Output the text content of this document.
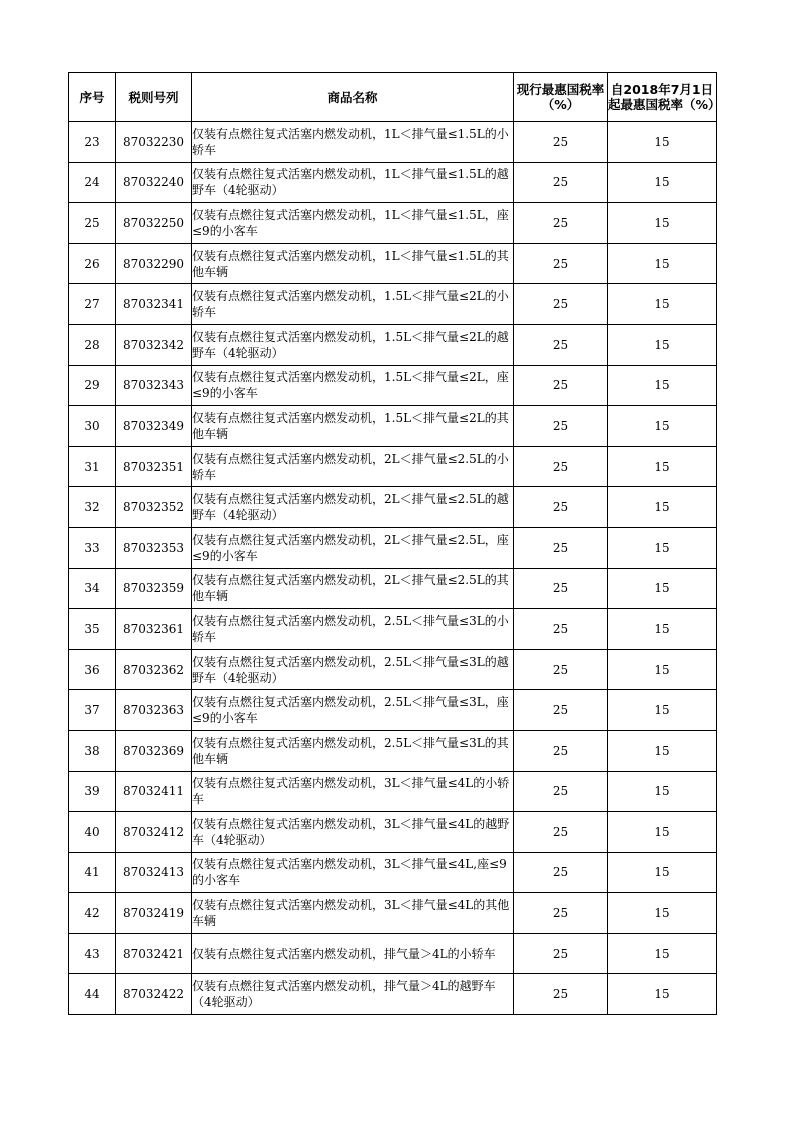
序号	税则号列	商品名称	现行最惠国税率（%）	自2018年7月1日起最惠国税率（%）
23	87032230	仅装有点燃往复式活塞内燃发动机，1L＜排气量≤1.5L的小轿车	25	15
24	87032240	仅装有点燃往复式活塞内燃发动机，1L＜排气量≤1.5L的越野车（4轮驱动）	25	15
25	87032250	仅装有点燃往复式活塞内燃发动机，1L＜排气量≤1.5L，座≤9的小客车	25	15
26	87032290	仅装有点燃往复式活塞内燃发动机，1L＜排气量≤1.5L的其他车辆	25	15
27	87032341	仅装有点燃往复式活塞内燃发动机，1.5L＜排气量≤2L的小轿车	25	15
28	87032342	仅装有点燃往复式活塞内燃发动机，1.5L＜排气量≤2L的越野车（4轮驱动）	25	15
29	87032343	仅装有点燃往复式活塞内燃发动机，1.5L＜排气量≤2L，座≤9的小客车	25	15
30	87032349	仅装有点燃往复式活塞内燃发动机，1.5L＜排气量≤2L的其他车辆	25	15
31	87032351	仅装有点燃往复式活塞内燃发动机，2L＜排气量≤2.5L的小轿车	25	15
32	87032352	仅装有点燃往复式活塞内燃发动机，2L＜排气量≤2.5L的越野车（4轮驱动）	25	15
33	87032353	仅装有点燃往复式活塞内燃发动机，2L＜排气量≤2.5L，座≤9的小客车	25	15
34	87032359	仅装有点燃往复式活塞内燃发动机，2L＜排气量≤2.5L的其他车辆	25	15
35	87032361	仅装有点燃往复式活塞内燃发动机，2.5L＜排气量≤3L的小轿车	25	15
36	87032362	仅装有点燃往复式活塞内燃发动机，2.5L＜排气量≤3L的越野车（4轮驱动）	25	15
37	87032363	仅装有点燃往复式活塞内燃发动机，2.5L＜排气量≤3L，座≤9的小客车	25	15
38	87032369	仅装有点燃往复式活塞内燃发动机，2.5L＜排气量≤3L的其他车辆	25	15
39	87032411	仅装有点燃往复式活塞内燃发动机，3L＜排气量≤4L的小轿车	25	15
40	87032412	仅装有点燃往复式活塞内燃发动机，3L＜排气量≤4L的越野车（4轮驱动）	25	15
41	87032413	仅装有点燃往复式活塞内燃发动机，3L＜排气量≤4L,座≤9的小客车	25	15
42	87032419	仅装有点燃往复式活塞内燃发动机，3L＜排气量≤4L的其他车辆	25	15
43	87032421	仅装有点燃往复式活塞内燃发动机，排气量＞4L的小轿车	25	15
44	87032422	仅装有点燃往复式活塞内燃发动机，排气量＞4L的越野车（4轮驱动）	25	15
